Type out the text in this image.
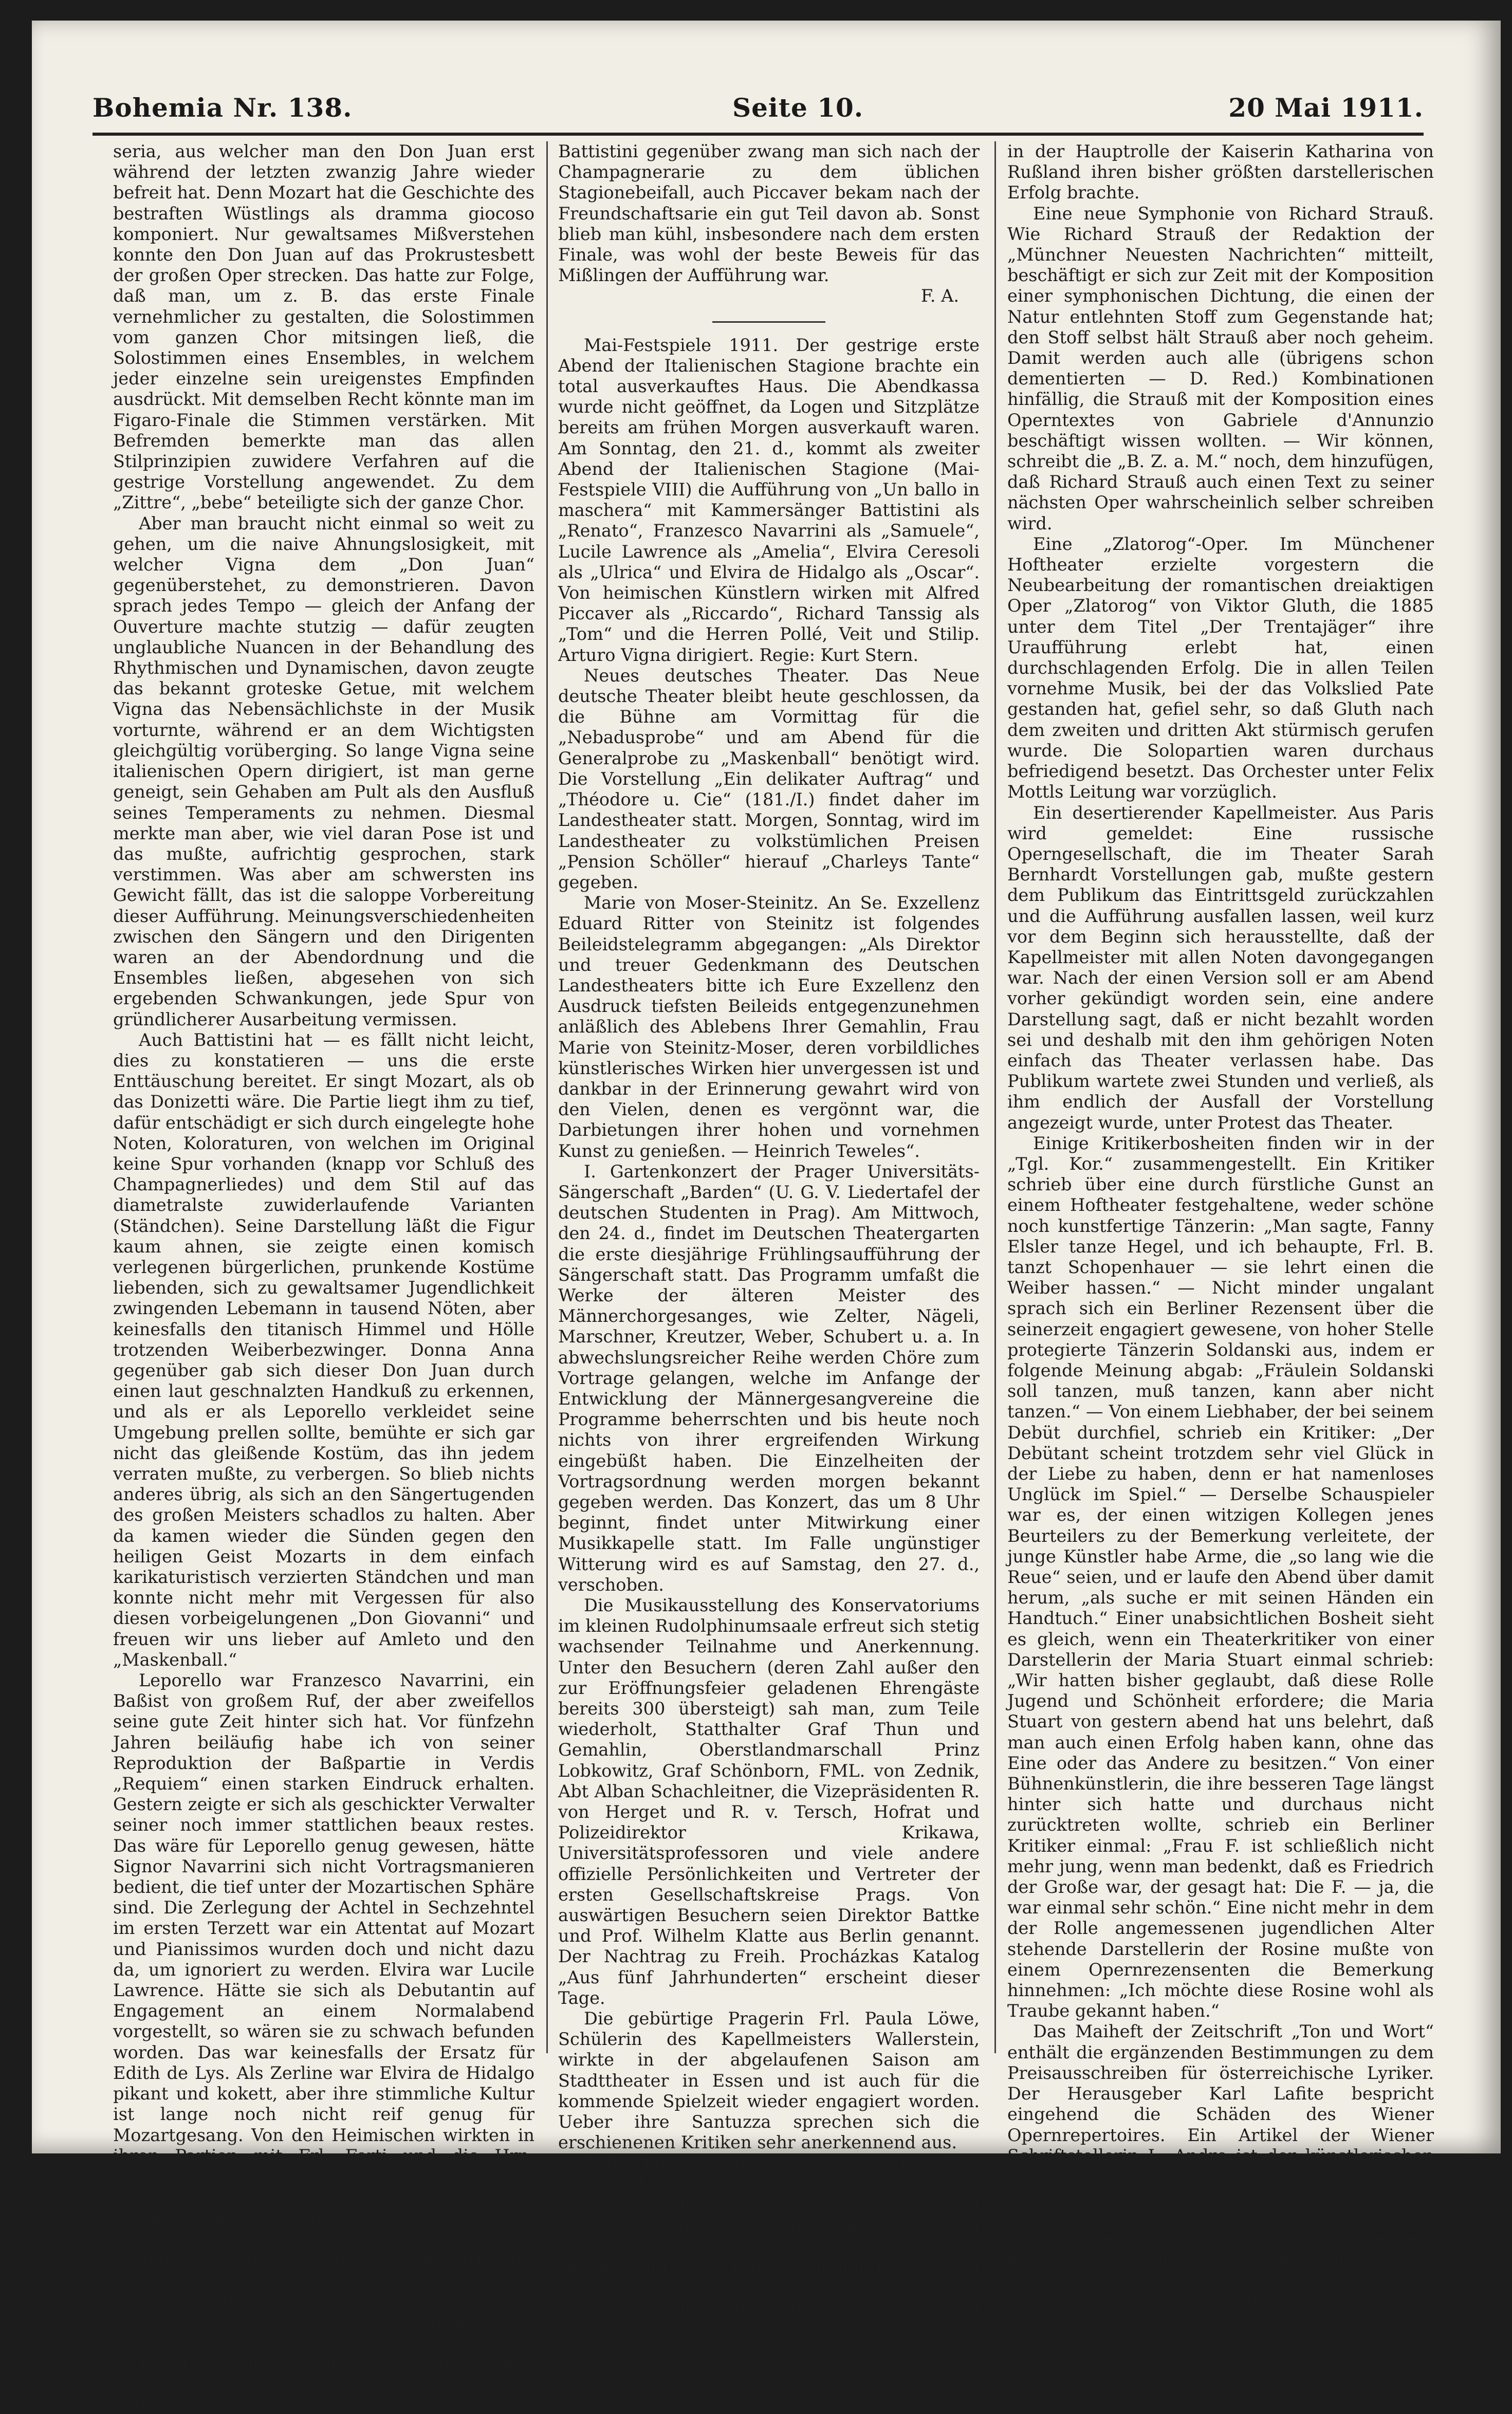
Bohemia Nr. 138.	Seite 10.	20 Mai 1911.

seria, aus welcher man den Don Juan erst während der letzten zwanzig Jahre wieder befreit hat. Denn Mozart hat die Geschichte des bestraften Wüstlings als dramma giocoso komponiert. Nur gewaltsames Mißverstehen konnte den Don Juan auf das Prokrustesbett der großen Oper strecken. Das hatte zur Folge, daß man, um z. B. das erste Finale vernehmlicher zu gestalten, die Solostimmen vom ganzen Chor mitsingen ließ, die Solostimmen eines Ensembles, in welchem jeder einzelne sein ureigenstes Empfinden ausdrückt. Mit demselben Recht könnte man im Figaro-Finale die Stimmen verstärken. Mit Befremden bemerkte man das allen Stilprinzipien zuwidere Verfahren auf die gestrige Vorstellung angewendet. Zu dem „Zittre“, „bebe“ beteiligte sich der ganze Chor.

Aber man braucht nicht einmal so weit zu gehen, um die naive Ahnungslosigkeit, mit welcher Vigna dem „Don Juan“ gegenüberstehet, zu demonstrieren. Davon sprach jedes Tempo — gleich der Anfang der Ouverture machte stutzig — dafür zeugten unglaubliche Nuancen in der Behandlung des Rhythmischen und Dynamischen, davon zeugte das bekannt groteske Getue, mit welchem Vigna das Nebensächlichste in der Musik vorturnte, während er an dem Wichtigsten gleichgültig vorüberging. So lange Vigna seine italienischen Opern dirigiert, ist man gerne geneigt, sein Gehaben am Pult als den Ausfluß seines Temperaments zu nehmen. Diesmal merkte man aber, wie viel daran Pose ist und das mußte, aufrichtig gesprochen, stark verstimmen. Was aber am schwersten ins Gewicht fällt, das ist die saloppe Vorbereitung dieser Aufführung. Meinungsverschiedenheiten zwischen den Sängern und den Dirigenten waren an der Abendordnung und die Ensembles ließen, abgesehen von sich ergebenden Schwankungen, jede Spur von gründlicherer Ausarbeitung vermissen.

Auch Battistini hat — es fällt nicht leicht, dies zu konstatieren — uns die erste Enttäuschung bereitet. Er singt Mozart, als ob das Donizetti wäre. Die Partie liegt ihm zu tief, dafür entschädigt er sich durch eingelegte hohe Noten, Koloraturen, von welchen im Original keine Spur vorhanden (knapp vor Schluß des Champagnerliedes) und dem Stil auf das diametralste zuwiderlaufende Varianten (Ständchen). Seine Darstellung läßt die Figur kaum ahnen, sie zeigte einen komisch verlegenen bürgerlichen, prunkende Kostüme liebenden, sich zu gewaltsamer Jugendlichkeit zwingenden Lebemann in tausend Nöten, aber keinesfalls den titanisch Himmel und Hölle trotzenden Weiberbezwinger. Donna Anna gegenüber gab sich dieser Don Juan durch einen laut geschnalzten Handkuß zu erkennen, und als er als Leporello verkleidet seine Umgebung prellen sollte, bemühte er sich gar nicht das gleißende Kostüm, das ihn jedem verraten mußte, zu verbergen. So blieb nichts anderes übrig, als sich an den Sängertugenden des großen Meisters schadlos zu halten. Aber da kamen wieder die Sünden gegen den heiligen Geist Mozarts in dem einfach karikaturistisch verzierten Ständchen und man konnte nicht mehr mit Vergessen für also diesen vorbeigelungenen „Don Giovanni“ und freuen wir uns lieber auf Amleto und den „Maskenball.“

Leporello war Franzesco Navarrini, ein Baßist von großem Ruf, der aber zweifellos seine gute Zeit hinter sich hat. Vor fünfzehn Jahren beiläufig habe ich von seiner Reproduktion der Baßpartie in Verdis „Requiem“ einen starken Eindruck erhalten. Gestern zeigte er sich als geschickter Verwalter seiner noch immer stattlichen beaux restes. Das wäre für Leporello genug gewesen, hätte Signor Navarrini sich nicht Vortragsmanieren bedient, die tief unter der Mozartischen Sphäre sind. Die Zerlegung der Achtel in Sechzehntel im ersten Terzett war ein Attentat auf Mozart und Pianissimos wurden doch und nicht dazu da, um ignoriert zu werden. Elvira war Lucile Lawrence. Hätte sie sich als Debutantin auf Engagement an einem Normalabend vorgestellt, so wären sie zu schwach befunden worden. Das war keinesfalls der Ersatz für Edith de Lys. Als Zerline war Elvira de Hidalgo pikant und kokett, aber ihre stimmliche Kultur ist lange noch nicht reif genug für Mozartgesang. Von den Heimischen wirkten in ihren Partien mit Frl. Forti und die Hrn. Piccaver, Frank u. Ed. Keiner von ihnen ist fest im Mozartstil aber den Italienern gegenüber erwiesen sie sich als dessen profunde Kenner. Fräulein Forti entschuldigt sich in einem Brief an die Kritik für den Entfall des Briefarie, mit dem Hinweis darauf, daß nach Vignas Ausspruch dieses Stück eine „dramatische Unmöglichkeit“ wäre und weder in Italien noch in Madrid und New-York gesungen werde.

Das Publikum, das dem Abend mit großen Erwartungen entgegengesehen hatte, war enttäuscht.

Battistini gegenüber zwang man sich nach der Champagnerarie zu dem üblichen Stagionebeifall, auch Piccaver bekam nach der Freundschaftsarie ein gut Teil davon ab. Sonst blieb man kühl, insbesondere nach dem ersten Finale, was wohl der beste Beweis für das Mißlingen der Aufführung war.

F. A.

Mai-Festspiele 1911. Der gestrige erste Abend der Italienischen Stagione brachte ein total ausverkauftes Haus. Die Abendkassa wurde nicht geöffnet, da Logen und Sitzplätze bereits am frühen Morgen ausverkauft waren. Am Sonntag, den 21. d., kommt als zweiter Abend der Italienischen Stagione (Mai-Festspiele VIII) die Aufführung von „Un ballo in maschera“ mit Kammersänger Battistini als „Renato“, Franzesco Navarrini als „Samuele“, Lucile Lawrence als „Amelia“, Elvira Ceresoli als „Ulrica“ und Elvira de Hidalgo als „Oscar“. Von heimischen Künstlern wirken mit Alfred Piccaver als „Riccardo“, Richard Tanssig als „Tom“ und die Herren Pollé, Veit und Stilip. Arturo Vigna dirigiert. Regie: Kurt Stern.

Neues deutsches Theater. Das Neue deutsche Theater bleibt heute geschlossen, da die Bühne am Vormittag für die „Nebadusprobe“ und am Abend für die Generalprobe zu „Maskenball“ benötigt wird. Die Vorstellung „Ein delikater Auftrag“ und „Théodore u. Cie“ (181./I.) findet daher im Landestheater statt. Morgen, Sonntag, wird im Landestheater zu volkstümlichen Preisen „Pension Schöller“ hierauf „Charleys Tante“ gegeben.

Marie von Moser-Steinitz. An Se. Exzellenz Eduard Ritter von Steinitz ist folgendes Beileidstelegramm abgegangen: „Als Direktor und treuer Gedenkmann des Deutschen Landestheaters bitte ich Eure Exzellenz den Ausdruck tiefsten Beileids entgegenzunehmen anläßlich des Ablebens Ihrer Gemahlin, Frau Marie von Steinitz-Moser, deren vorbildliches künstlerisches Wirken hier unvergessen ist und dankbar in der Erinnerung gewahrt wird von den Vielen, denen es vergönnt war, die Darbietungen ihrer hohen und vornehmen Kunst zu genießen. — Heinrich Teweles“.

I. Gartenkonzert der Prager Universitäts-Sängerschaft „Barden“ (U. G. V. Liedertafel der deutschen Studenten in Prag). Am Mittwoch, den 24. d., findet im Deutschen Theatergarten die erste diesjährige Frühlingsaufführung der Sängerschaft statt. Das Programm umfaßt die Werke der älteren Meister des Männerchorgesanges, wie Zelter, Nägeli, Marschner, Kreutzer, Weber, Schubert u. a. In abwechslungsreicher Reihe werden Chöre zum Vortrage gelangen, welche im Anfange der Entwicklung der Männergesangvereine die Programme beherrschten und bis heute noch nichts von ihrer ergreifenden Wirkung eingebüßt haben. Die Einzelheiten der Vortragsordnung werden morgen bekannt gegeben werden. Das Konzert, das um 8 Uhr beginnt, findet unter Mitwirkung einer Musikkapelle statt. Im Falle ungünstiger Witterung wird es auf Samstag, den 27. d., verschoben.

Die Musikausstellung des Konservatoriums im kleinen Rudolphinumsaale erfreut sich stetig wachsender Teilnahme und Anerkennung. Unter den Besuchern (deren Zahl außer den zur Eröffnungsfeier geladenen Ehrengäste bereits 300 übersteigt) sah man, zum Teile wiederholt, Statthalter Graf Thun und Gemahlin, Oberstlandmarschall Prinz Lobkowitz, Graf Schönborn, FML. von Zednik, Abt Alban Schachleitner, die Vizepräsidenten R. von Herget und R. v. Tersch, Hofrat und Polizeidirektor Krikawa, Universitätsprofessoren und viele andere offizielle Persönlichkeiten und Vertreter der ersten Gesellschaftskreise Prags. Von auswärtigen Besuchern seien Direktor Battke und Prof. Wilhelm Klatte aus Berlin genannt. Der Nachtrag zu Freih. Procházkas Katalog „Aus fünf Jahrhunderten“ erscheint dieser Tage.

Die gebürtige Pragerin Frl. Paula Löwe, Schülerin des Kapellmeisters Wallerstein, wirkte in der abgelaufenen Saison am Stadttheater in Essen und ist auch für die kommende Spielzeit wieder engagiert worden. Ueber ihre Santuzza sprechen sich die erschienenen Kritiken sehr anerkennend aus.

Tilla Durieux, die ihren Vertrag mit Max Reinhardt nicht mehr erneuert hat, wird sich in der kommenden Saison nur Gastspielen und Vorträgen widmen. Die berühmte Künstlerin unternimmt u. a. eine Gastspielreise durch Deutschland und Oesterreich mit dem neuen Versdrama „Spielereien einer Kaiserin“ von Max Dauthendey, das kürzlich in München seine Uraufführung mit durchschlagendem Erfolge am Schauspielhause fand und Tilla Durieux

in der Hauptrolle der Kaiserin Katharina von Rußland ihren bisher größten darstellerischen Erfolg brachte.

Eine neue Symphonie von Richard Strauß. Wie Richard Strauß der Redaktion der „Münchner Neuesten Nachrichten“ mitteilt, beschäftigt er sich zur Zeit mit der Komposition einer symphonischen Dichtung, die einen der Natur entlehnten Stoff zum Gegenstande hat; den Stoff selbst hält Strauß aber noch geheim. Damit werden auch alle (übrigens schon dementierten — D. Red.) Kombinationen hinfällig, die Strauß mit der Komposition eines Operntextes von Gabriele d'Annunzio beschäftigt wissen wollten. — Wir können, schreibt die „B. Z. a. M.“ noch, dem hinzufügen, daß Richard Strauß auch einen Text zu seiner nächsten Oper wahrscheinlich selber schreiben wird.

Eine „Zlatorog“-Oper. Im Münchener Hoftheater erzielte vorgestern die Neubearbeitung der romantischen dreiaktigen Oper „Zlatorog“ von Viktor Gluth, die 1885 unter dem Titel „Der Trentajäger“ ihre Uraufführung erlebt hat, einen durchschlagenden Erfolg. Die in allen Teilen vornehme Musik, bei der das Volkslied Pate gestanden hat, gefiel sehr, so daß Gluth nach dem zweiten und dritten Akt stürmisch gerufen wurde. Die Solopartien waren durchaus befriedigend besetzt. Das Orchester unter Felix Mottls Leitung war vorzüglich.

Ein desertierender Kapellmeister. Aus Paris wird gemeldet: Eine russische Operngesellschaft, die im Theater Sarah Bernhardt Vorstellungen gab, mußte gestern dem Publikum das Eintrittsgeld zurückzahlen und die Aufführung ausfallen lassen, weil kurz vor dem Beginn sich herausstellte, daß der Kapellmeister mit allen Noten davongegangen war. Nach der einen Version soll er am Abend vorher gekündigt worden sein, eine andere Darstellung sagt, daß er nicht bezahlt worden sei und deshalb mit den ihm gehörigen Noten einfach das Theater verlassen habe. Das Publikum wartete zwei Stunden und verließ, als ihm endlich der Ausfall der Vorstellung angezeigt wurde, unter Protest das Theater.

Einige Kritikerbosheiten finden wir in der „Tgl. Kor.“ zusammengestellt. Ein Kritiker schrieb über eine durch fürstliche Gunst an einem Hoftheater festgehaltene, weder schöne noch kunstfertige Tänzerin: „Man sagte, Fanny Elsler tanze Hegel, und ich behaupte, Frl. B. tanzt Schopenhauer — sie lehrt einen die Weiber hassen.“ — Nicht minder ungalant sprach sich ein Berliner Rezensent über die seinerzeit engagiert gewesene, von hoher Stelle protegierte Tänzerin Soldanski aus, indem er folgende Meinung abgab: „Fräulein Soldanski soll tanzen, muß tanzen, kann aber nicht tanzen.“ — Von einem Liebhaber, der bei seinem Debüt durchfiel, schrieb ein Kritiker: „Der Debütant scheint trotzdem sehr viel Glück in der Liebe zu haben, denn er hat namenloses Unglück im Spiel.“ — Derselbe Schauspieler war es, der einen witzigen Kollegen jenes Beurteilers zu der Bemerkung verleitete, der junge Künstler habe Arme, die „so lang wie die Reue“ seien, und er laufe den Abend über damit herum, „als suche er mit seinen Händen ein Handtuch.“ Einer unabsichtlichen Bosheit sieht es gleich, wenn ein Theaterkritiker von einer Darstellerin der Maria Stuart einmal schrieb: „Wir hatten bisher geglaubt, daß diese Rolle Jugend und Schönheit erfordere; die Maria Stuart von gestern abend hat uns belehrt, daß man auch einen Erfolg haben kann, ohne das Eine oder das Andere zu besitzen.“ Von einer Bühnenkünstlerin, die ihre besseren Tage längst hinter sich hatte und durchaus nicht zurücktreten wollte, schrieb ein Berliner Kritiker einmal: „Frau F. ist schließlich nicht mehr jung, wenn man bedenkt, daß es Friedrich der Große war, der gesagt hat: Die F. — ja, die war einmal sehr schön.“ Eine nicht mehr in dem der Rolle angemessenen jugendlichen Alter stehende Darstellerin der Rosine mußte von einem Opernrezensenten die Bemerkung hinnehmen: „Ich möchte diese Rosine wohl als Traube gekannt haben.“

Das Maiheft der Zeitschrift „Ton und Wort“ enthält die ergänzenden Bestimmungen zu dem Preisausschreiben für österreichische Lyriker. Der Herausgeber Karl Lafite bespricht eingehend die Schäden des Wiener Opernrepertoires. Ein Artikel der Wiener Schriftstellerin L. Andro ist der künstlerischen Persönlichkeit Hubermans gewidmet. Alfred Polgar, Paul Wertheimer, Richard Wengraf, Franz Theodor Csokor, Hugo Wolf, E. v. Filek und andere tragen mit glossierenden, novellistischen und lyrischen Beiträgen in diesem überaus reichhaltigen Heft vertreten. Redaktion und Verwaltung: Wien, 19. B., Hofzeile 27.
